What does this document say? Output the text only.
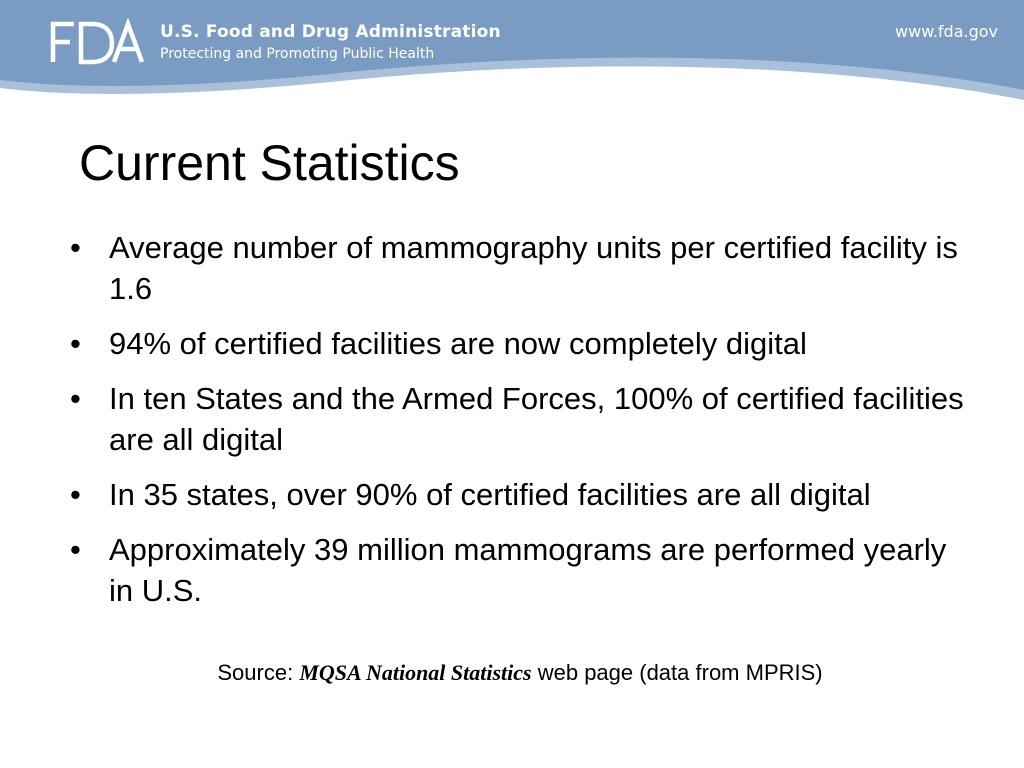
U.S. Food and Drug Administration
Protecting and Promoting Public Health
www.fda.gov
Current Statistics
• Average number of mammography units per certified facility is 1.6
• 94% of certified facilities are now completely digital
• In ten States and the Armed Forces, 100% of certified facilities are all digital
• In 35 states, over 90% of certified facilities are all digital
• Approximately 39 million mammograms are performed yearly in U.S.
Source: MQSA National Statistics web page (data from MPRIS)
